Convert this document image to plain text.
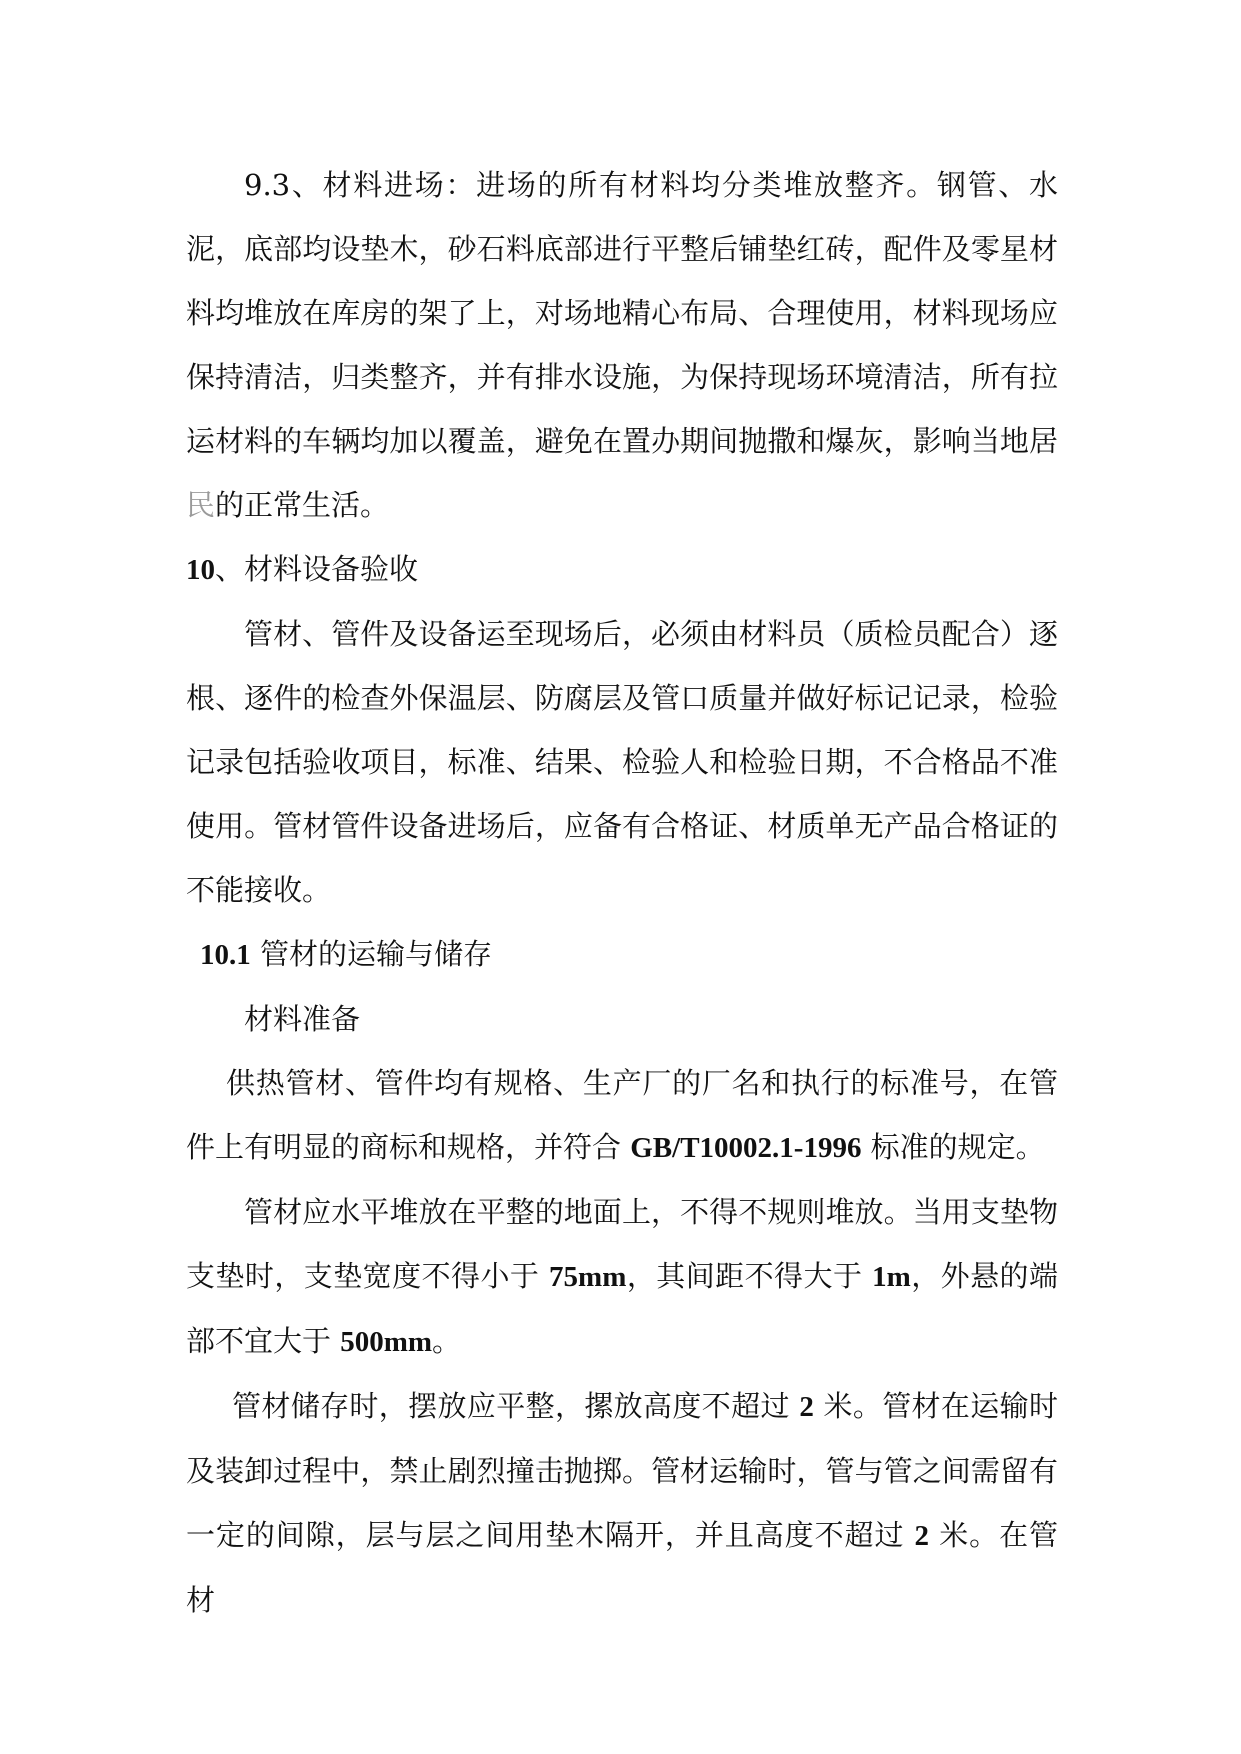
9.3、材料进场：进场的所有材料均分类堆放整齐。钢管、水泥，底部均设垫木，砂石料底部进行平整后铺垫红砖，配件及零星材料均堆放在库房的架了上，对场地精心布局、合理使用，材料现场应保持清洁，归类整齐，并有排水设施，为保持现场环境清洁，所有拉运材料的车辆均加以覆盖，避免在置办期间抛撒和爆灰，影响当地居民的正常生活。

10、材料设备验收

管材、管件及设备运至现场后，必须由材料员（质检员配合）逐根、逐件的检查外保温层、防腐层及管口质量并做好标记记录，检验记录包括验收项目，标准、结果、检验人和检验日期，不合格品不准使用。管材管件设备进场后，应备有合格证、材质单无产品合格证的不能接收。

10.1 管材的运输与储存

材料准备

供热管材、管件均有规格、生产厂的厂名和执行的标准号，在管件上有明显的商标和规格，并符合 GB/T10002.1-1996 标准的规定。

管材应水平堆放在平整的地面上，不得不规则堆放。当用支垫物支垫时，支垫宽度不得小于 75mm，其间距不得大于 1m，外悬的端部不宜大于 500mm。

管材储存时，摆放应平整，摞放高度不超过 2 米。管材在运输时及装卸过程中，禁止剧烈撞击抛掷。管材运输时，管与管之间需留有一定的间隙，层与层之间用垫木隔开，并且高度不超过 2 米。在管材
